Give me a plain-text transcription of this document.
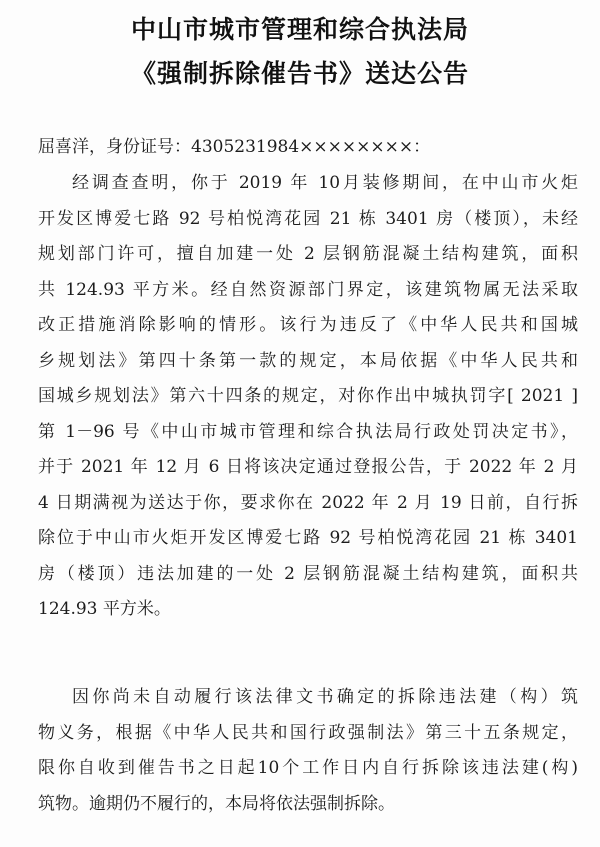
中山市城市管理和综合执法局
《强制拆除催告书》送达公告
屈喜洋，身份证号：4305231984××××××××：
经调查查明，你于 2019 年 10月装修期间，在中山市火炬
开发区博爱七路 92 号柏悦湾花园 21 栋 3401 房（楼顶），未经
规划部门许可，擅自加建一处 2 层钢筋混凝土结构建筑，面积
共 124.93 平方米。经自然资源部门界定，该建筑物属无法采取
改正措施消除影响的情形。该行为违反了《中华人民共和国城
乡规划法》第四十条第一款的规定，本局依据《中华人民共和
国城乡规划法》第六十四条的规定，对你作出中城执罚字[ 2021 ]
第 1－96 号《中山市城市管理和综合执法局行政处罚决定书》，
并于 2021 年 12 月 6 日将该决定通过登报公告，于 2022 年 2 月
4 日期满视为送达于你，要求你在 2022 年 2 月 19 日前，自行拆
除位于中山市火炬开发区博爱七路 92 号柏悦湾花园 21 栋 3401
房（楼顶）违法加建的一处 2 层钢筋混凝土结构建筑，面积共
124.93 平方米。
因你尚未自动履行该法律文书确定的拆除违法建（构）筑
物义务，根据《中华人民共和国行政强制法》第三十五条规定，
限你自收到催告书之日起10个工作日内自行拆除该违法建(构)
筑物。逾期仍不履行的，本局将依法强制拆除。
